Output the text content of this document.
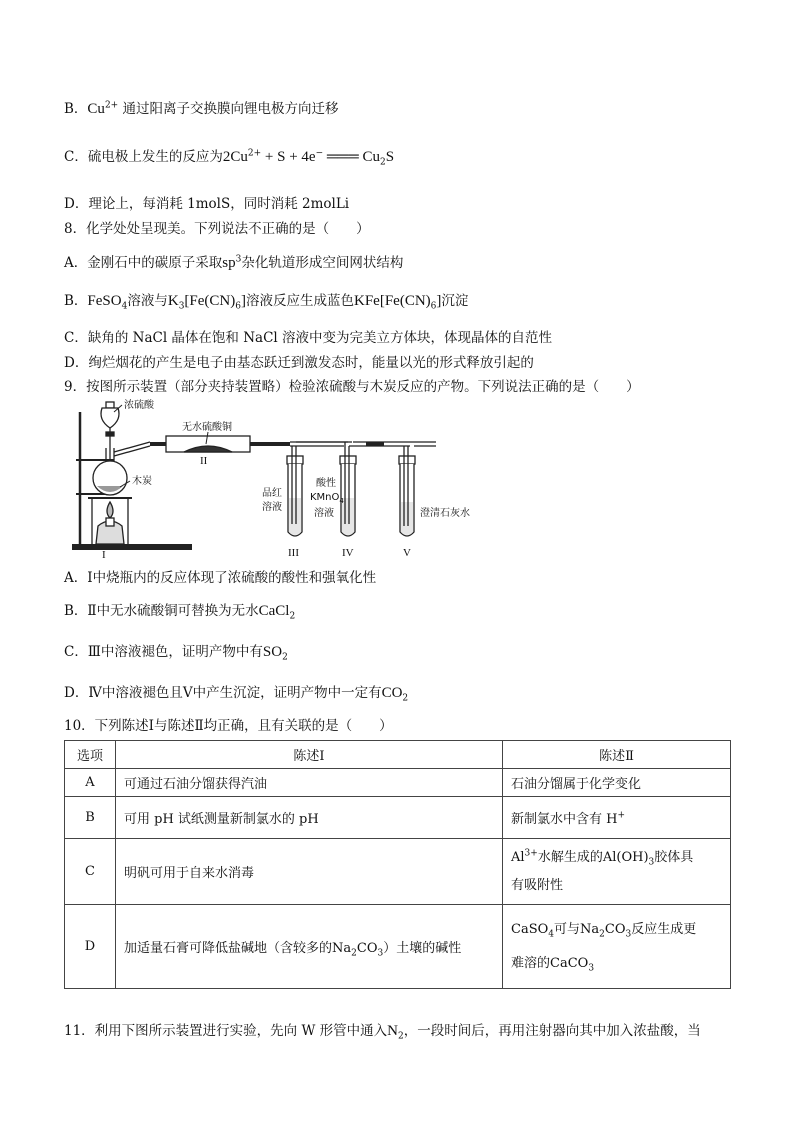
B．$Cu^{2+}$ 通过阳离子交换膜向锂电极方向迁移
C．硫电极上发生的反应为$2Cu^{2+} + S + 4e^-$ ═══ $Cu_2S$
D．理论上，每消耗 1molS，同时消耗 2molLi
8．化学处处呈现美。下列说法不正确的是（　　）
A．金刚石中的碳原子采取$sp^3$杂化轨道形成空间网状结构
B．FeSO$_4$溶液与$K_3[Fe(CN)_6]$溶液反应生成蓝色$KFe[Fe(CN)_6]$沉淀
C．缺角的 NaCl 晶体在饱和 NaCl 溶液中变为完美立方体块，体现晶体的自范性
D．绚烂烟花的产生是电子由基态跃迁到激发态时，能量以光的形式释放引起的
9．按图所示装置（部分夹持装置略）检验浓硫酸与木炭反应的产物。下列说法正确的是（　　）
浓硫酸
无水硫酸铜
木炭
品红
溶液
酸性
KMnO$_4$
溶液	澄清石灰水
I
II
III	IV	V
A．Ⅰ中烧瓶内的反应体现了浓硫酸的酸性和强氧化性
B．Ⅱ中无水硫酸铜可替换为无水CaCl$_2$
C．Ⅲ中溶液褪色，证明产物中有$SO_2$
D．Ⅳ中溶液褪色且Ⅴ中产生沉淀，证明产物中一定有$CO_2$
10．下列陈述Ⅰ与陈述Ⅱ均正确，且有关联的是（　　）
选项	陈述Ⅰ	陈述Ⅱ
A	可通过石油分馏获得汽油	石油分馏属于化学变化
B	可用 pH 试纸测量新制氯水的 pH	新制氯水中含有 H+
C	明矾可用于自来水消毒	$Al^{3+}$水解生成的$Al(OH)_3$胶体具
有吸附性
D	加适量石膏可降低盐碱地（含较多的$Na_2CO_3$）土壤的碱性	CaSO$_4$可与$Na_2CO_3$反应生成更
难溶的CaCO$_3$
11．利用下图所示装置进行实验，先向 W 形管中通入$N_2$，一段时间后，再用注射器向其中加入浓盐酸，当
